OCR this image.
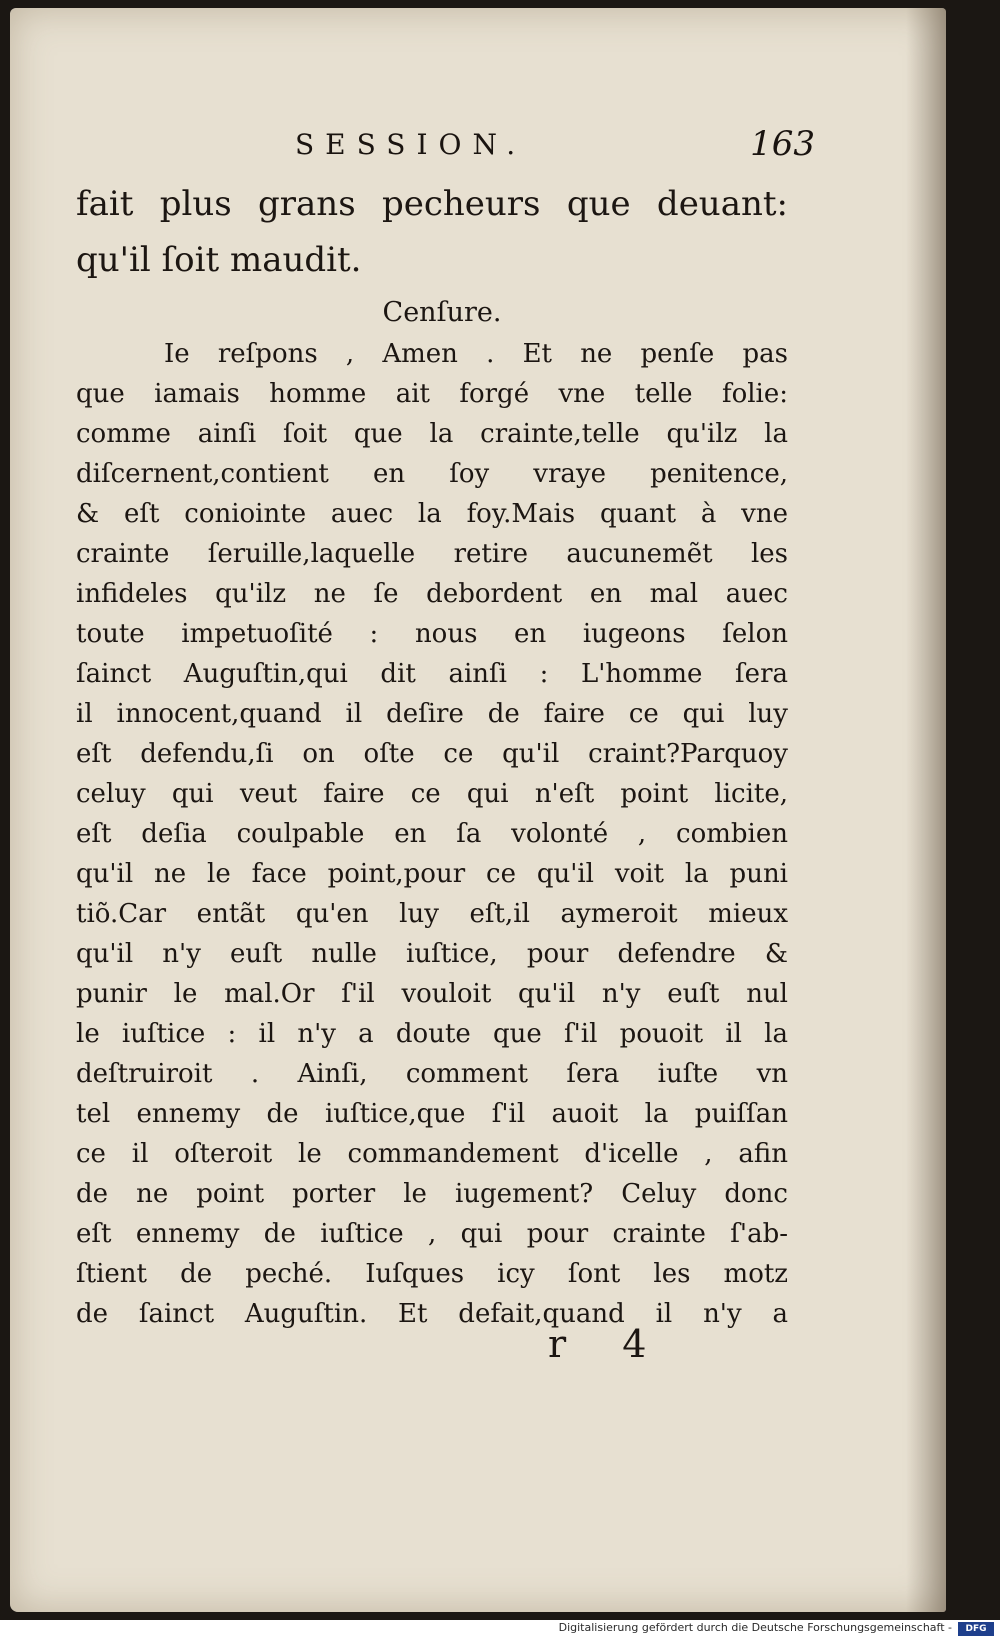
SESSION.	163
fait plus grans pecheurs que deuant:
qu'il ſoit maudit.
Cenſure.
Ie reſpons , Amen . Et ne penſe pas
que iamais homme ait forgé vne telle folie:
comme ainſi ſoit que la crainte,telle qu'ilz la
diſcernent,contient en ſoy vraye penitence,
& eſt coniointe auec la foy.Mais quant à vne
crainte ſeruille,laquelle retire aucunemẽt les
infideles qu'ilz ne ſe debordent en mal auec
toute impetuoſité : nous en iugeons ſelon
ſainct Auguſtin,qui dit ainſi : L'homme ſera
il innocent,quand il deſire de faire ce qui luy
eſt defendu,ſi on oſte ce qu'il craint?Parquoy
celuy qui veut faire ce qui n'eſt point licite,
eſt deſia coulpable en ſa volonté , combien
qu'il ne le face point,pour ce qu'il voit la puni
tiõ.Car entãt qu'en luy eſt,il aymeroit mieux
qu'il n'y euſt nulle iuſtice, pour defendre &
punir le mal.Or ſ'il vouloit qu'il n'y euſt nul
le iuſtice : il n'y a doute que ſ'il pouoit il la
deſtruiroit . Ainſi, comment ſera iuſte vn
tel ennemy de iuſtice,que ſ'il auoit la puiſſan
ce il oſteroit le commandement d'icelle , afin
de ne point porter le iugement? Celuy donc
eſt ennemy de iuſtice , qui pour crainte ſ'ab-
ſtient de peché. Iuſques icy ſont les motz
de ſainct Auguſtin. Et defait,quand il n'y a
r 4
Digitalisierung gefördert durch die Deutsche Forschungsgemeinschaft -	DFG
